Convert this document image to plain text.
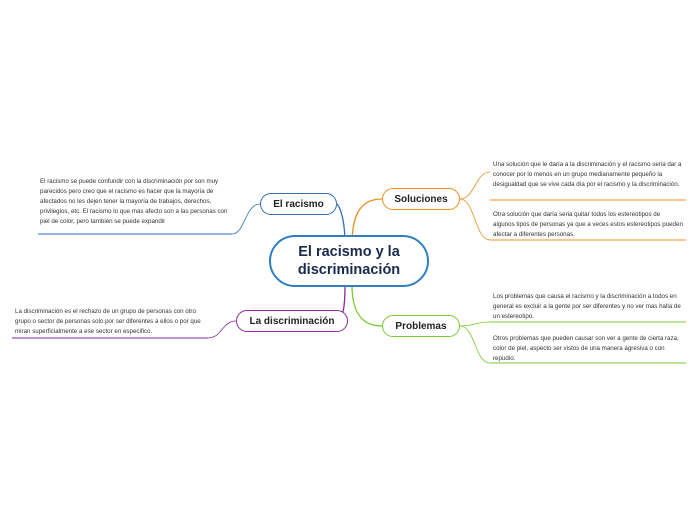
El racismo y la discriminación
El racismo	Soluciones
Problemas
La discriminación
El racismo se puede confundir con la discriminación por son muy parecidos pero creo que el racismo es hacer que la mayoría de afectados no les dejen tener la mayoría de trabajos, derechos, privilegios, etc. El racismo lo que mas afecto son a las personas con piel de color, pero también se puede expandir
Una solución que le daría a la discriminación y el racismo seria dar a conocer por lo menos en un grupo medianamente pequeño la desigualdad que se vive cada día por el racismo y la discriminación.
Otra solución que daría seria quitar todos los estereotipos de algunos tipos de personas ya que a veces estos estereotipos pueden afectar a diferentes personas.
Los problemas que causa el racismo y la discriminación a todos en general es excluir a la gente por ser diferentes y no ver mas halla de un estereotipo.
Otros problemas que pueden causar son ver a gente de cierta raza, color de piel, aspecto ser vistos de una manera agresiva o con repudio.
La discriminación es el rechazo de un grupo de personas con otro grupo o sector de personas solo por ser diferentes a ellos o por que miran superficialmente a ese sector en especifico.
